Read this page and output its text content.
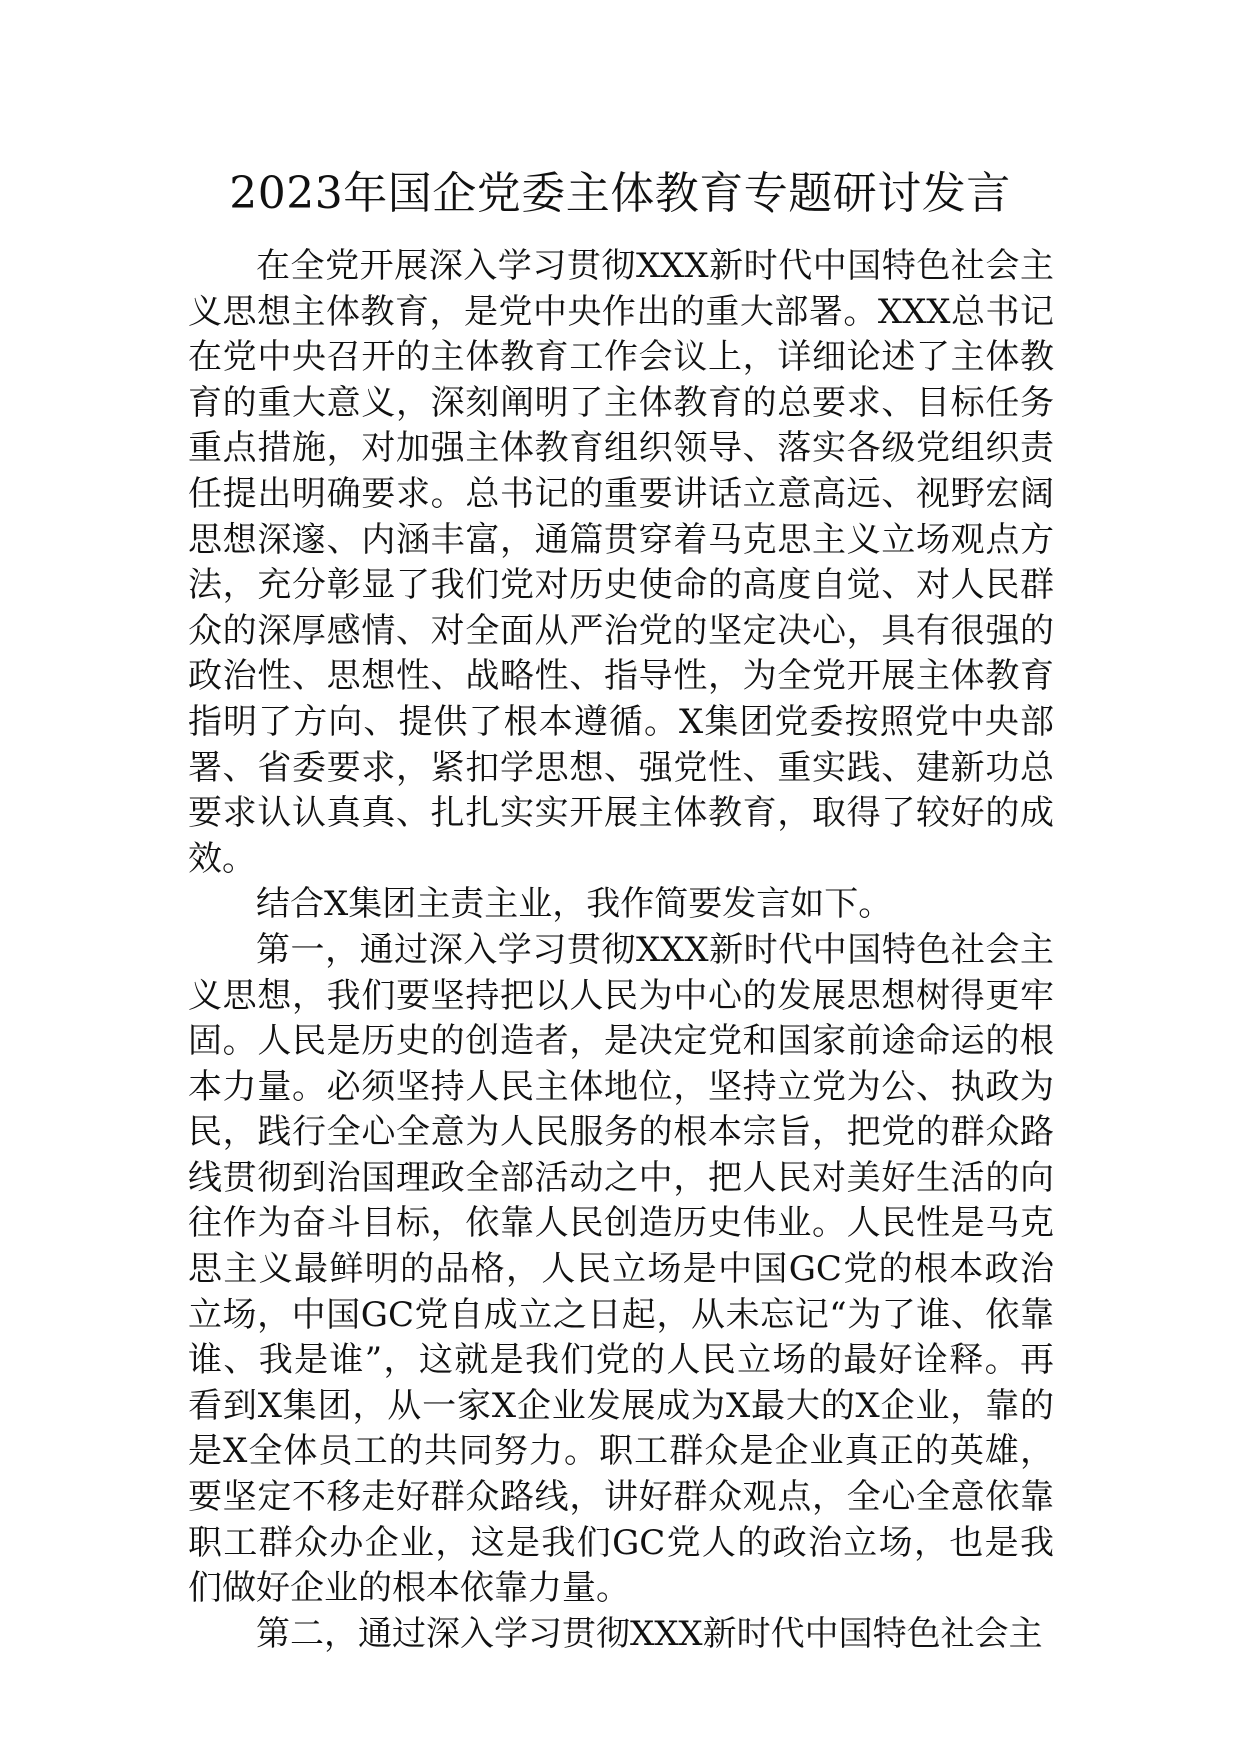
2023年国企党委主体教育专题研讨发言

在全党开展深入学习贯彻XXX新时代中国特色社会主义思想主体教育，是党中央作出的重大部署。XXX总书记在党中央召开的主体教育工作会议上，详细论述了主体教育的重大意义，深刻阐明了主体教育的总要求、目标任务重点措施，对加强主体教育组织领导、落实各级党组织责任提出明确要求。总书记的重要讲话立意高远、视野宏阔思想深邃、内涵丰富，通篇贯穿着马克思主义立场观点方法，充分彰显了我们党对历史使命的高度自觉、对人民群众的深厚感情、对全面从严治党的坚定决心，具有很强的政治性、思想性、战略性、指导性，为全党开展主体教育指明了方向、提供了根本遵循。X集团党委按照党中央部署、省委要求，紧扣学思想、强党性、重实践、建新功总要求认认真真、扎扎实实开展主体教育，取得了较好的成效。

结合X集团主责主业，我作简要发言如下。

第一，通过深入学习贯彻XXX新时代中国特色社会主义思想，我们要坚持把以人民为中心的发展思想树得更牢固。人民是历史的创造者，是决定党和国家前途命运的根本力量。必须坚持人民主体地位，坚持立党为公、执政为民，践行全心全意为人民服务的根本宗旨，把党的群众路线贯彻到治国理政全部活动之中，把人民对美好生活的向往作为奋斗目标，依靠人民创造历史伟业。人民性是马克思主义最鲜明的品格，人民立场是中国GC党的根本政治立场，中国GC党自成立之日起，从未忘记“为了谁、依靠谁、我是谁”，这就是我们党的人民立场的最好诠释。再看到X集团，从一家X企业发展成为X最大的X企业，靠的是X全体员工的共同努力。职工群众是企业真正的英雄，要坚定不移走好群众路线，讲好群众观点，全心全意依靠职工群众办企业，这是我们GC党人的政治立场，也是我们做好企业的根本依靠力量。

第二，通过深入学习贯彻XXX新时代中国特色社会主
